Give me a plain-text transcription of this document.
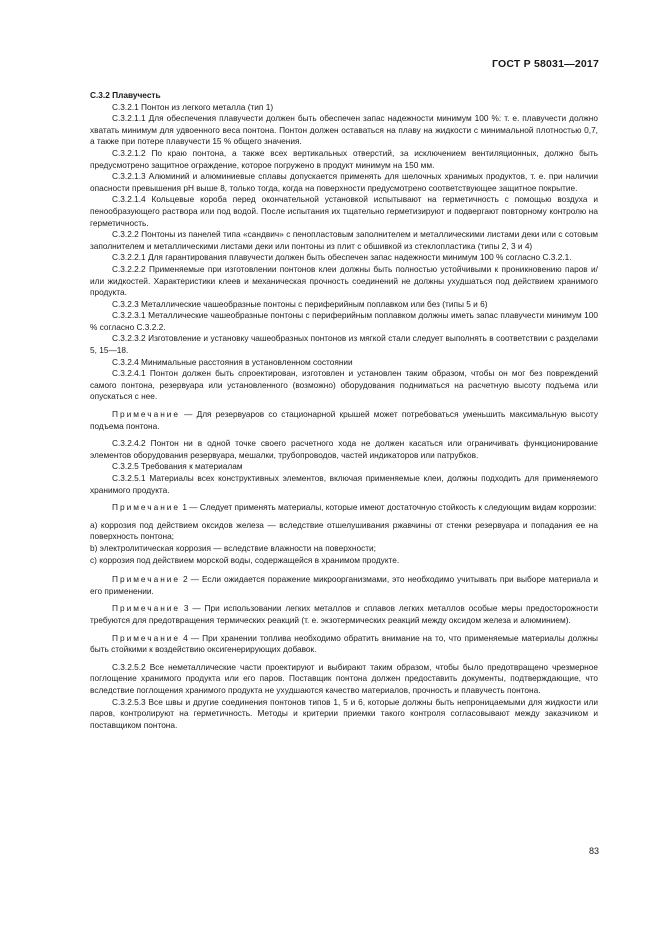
ГОСТ Р 58031—2017

С.3.2 Плавучесть

С.3.2.1 Понтон из легкого металла (тип 1)

С.3.2.1.1 Для обеспечения плавучести должен быть обеспечен запас надежности минимум 100 %: т. е. плавучести должно хватать минимум для удвоенного веса понтона. Понтон должен оставаться на плаву на жидкости с минимальной плотностью 0,7, а также при потере плавучести 15 % общего значения.

С.3.2.1.2 По краю понтона, а также всех вертикальных отверстий, за исключением вентиляционных, должно быть предусмотрено защитное ограждение, которое погружено в продукт минимум на 150 мм.

С.3.2.1.3 Алюминий и алюминиевые сплавы допускается применять для шелочных хранимых продуктов, т. е. при наличии опасности превышения pH выше 8, только тогда, когда на поверхности предусмотрено соответствующее защитное покрытие.

С.3.2.1.4 Кольцевые короба перед окончательной установкой испытывают на герметичность с помощью воздуха и пенообразующего раствора или под водой. После испытания их тщательно герметизируют и подвергают повторному контролю на герметичность.

С.3.2.2 Понтоны из панелей типа «сандвич» с пенопластовым заполнителем и металлическими листами деки или с сотовым заполнителем и металлическими листами деки или понтоны из плит с обшивкой из стеклопластика (типы 2, 3 и 4)

С.3.2.2.1 Для гарантирования плавучести должен быть обеспечен запас надежности минимум 100 % согласно С.3.2.1.

С.3.2.2.2 Применяемые при изготовлении понтонов клеи должны быть полностью устойчивыми к проникновению паров и/или жидкостей. Характеристики клеев и механическая прочность соединений не должны ухудшаться под действием хранимого продукта.

С.3.2.3 Металлические чашеобразные понтоны с периферийным поплавком или без (типы 5 и 6)

С.3.2.3.1 Металлические чашеобразные понтоны с периферийным поплавком должны иметь запас плавучести минимум 100 % согласно С.3.2.2.

С.3.2.3.2 Изготовление и установку чашеобразных понтонов из мягкой стали следует выполнять в соответствии с разделами 5, 15—18.

С.3.2.4 Минимальные расстояния в установленном состоянии

С.3.2.4.1 Понтон должен быть спроектирован, изготовлен и установлен таким образом, чтобы он мог без повреждений самого понтона, резервуара или установленного (возможно) оборудования подниматься на расчетную высоту подъема или опускаться с нее.

Примечание — Для резервуаров со стационарной крышей может потребоваться уменьшить максимальную высоту подъема понтона.

С.3.2.4.2 Понтон ни в одной точке своего расчетного хода не должен касаться или ограничивать функционирование элементов оборудования резервуара, мешалки, трубопроводов, частей индикаторов или патрубков.

С.3.2.5 Требования к материалам

С.3.2.5.1 Материалы всех конструктивных элементов, включая применяемые клеи, должны подходить для применяемого хранимого продукта.

Примечание 1 — Следует применять материалы, которые имеют достаточную стойкость к следующим видам коррозии:

а) коррозия под действием оксидов железа — вследствие отшелушивания ржавчины от стенки резервуара и попадания ее на поверхность понтона;

b) электролитическая коррозия — вследствие влажности на поверхности;

с) коррозия под действием морской воды, содержащейся в хранимом продукте.

Примечание 2 — Если ожидается поражение микроорганизмами, это необходимо учитывать при выборе материала и его применении.

Примечание 3 — При использовании легких металлов и сплавов легких металлов особые меры предосторожности требуются для предотвращения термических реакций (т. е. экзотермических реакций между оксидом железа и алюминием).

Примечание 4 — При хранении топлива необходимо обратить внимание на то, что применяемые материалы должны быть стойкими к воздействию оксигенерирующих добавок.

С.3.2.5.2 Все неметаллические части проектируют и выбирают таким образом, чтобы было предотвращено чрезмерное поглощение хранимого продукта или его паров. Поставщик понтона должен предоставить документы, подтверждающие, что вследствие поглощения хранимого продукта не ухудшаются качество материалов, прочность и плавучесть понтона.

С.3.2.5.3 Все швы и другие соединения понтонов типов 1, 5 и 6, которые должны быть непроницаемыми для жидкости или паров, контролируют на герметичность. Методы и критерии приемки такого контроля согласовывают между заказчиком и поставщиком понтона.

83
